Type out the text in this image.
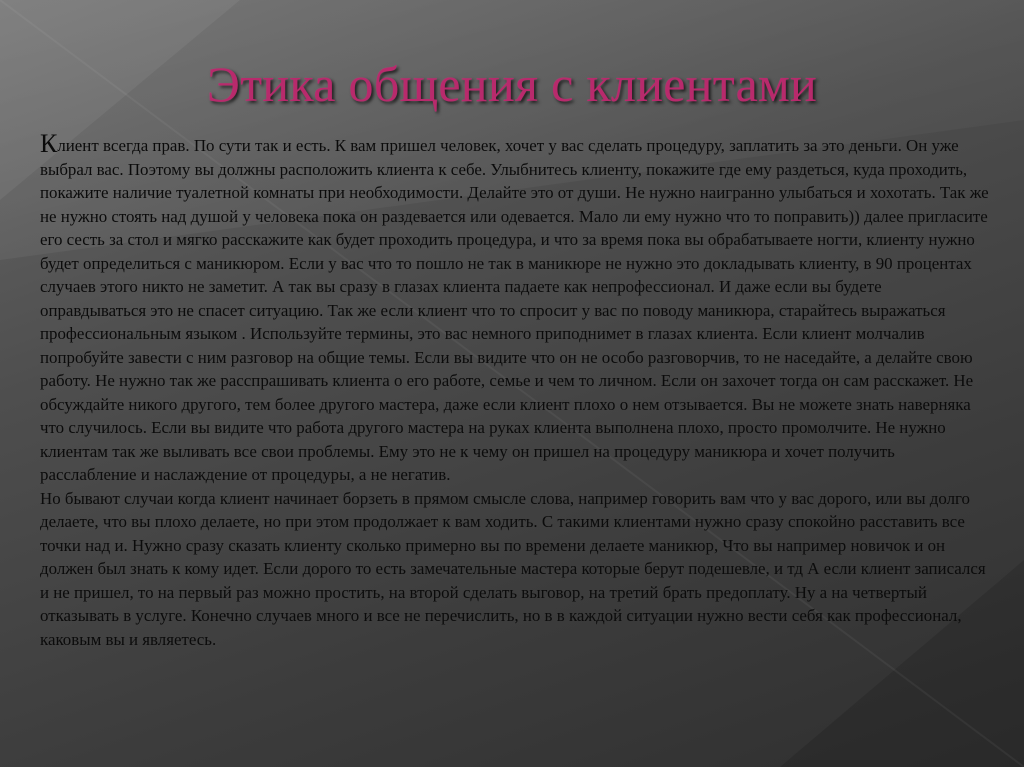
Этика общения с клиентами

Клиент всегда прав. По сути так и есть. К вам пришел человек, хочет у вас сделать процедуру, заплатить за это деньги. Он уже выбрал вас. Поэтому вы должны расположить клиента к себе. Улыбнитесь клиенту, покажите где ему раздеться, куда проходить, покажите наличие туалетной комнаты при необходимости. Делайте это от души. Не нужно наигранно улыбаться и хохотать. Так же не нужно стоять над душой у человека пока он раздевается или одевается. Мало ли ему нужно что то поправить)) далее пригласите его сесть за стол и мягко расскажите как будет проходить процедура, и что за время пока вы обрабатываете ногти, клиенту нужно будет определиться с маникюром. Если у вас что то пошло не так в маникюре не нужно это докладывать клиенту, в 90 процентах случаев этого никто не заметит. А так вы сразу в глазах клиента падаете как непрофессионал. И даже если вы будете оправдываться это не спасет ситуацию. Так же если клиент что то спросит у вас по поводу маникюра, старайтесь выражаться профессиональным языком . Используйте термины, это вас немного приподнимет в глазах клиента. Если клиент молчалив попробуйте завести с ним разговор на общие темы. Если вы видите что он не особо разговорчив, то не наседайте, а делайте свою работу. Не нужно так же расспрашивать клиента о его работе, семье и чем то личном. Если он захочет тогда он сам расскажет. Не обсуждайте никого другого, тем более другого мастера, даже если клиент плохо о нем отзывается. Вы не можете знать наверняка что случилось. Если вы видите что работа другого мастера на руках клиента выполнена плохо, просто промолчите. Не нужно клиентам так же выливать все свои проблемы. Ему это не к чему он пришел на процедуру маникюра и хочет получить расслабление и наслаждение от процедуры, а не негатив.

Но бывают случаи когда клиент начинает борзеть в прямом смысле слова, например говорить вам что у вас дорого, или вы долго делаете, что вы плохо делаете, но при этом продолжает к вам ходить. С такими клиентами нужно сразу спокойно расставить все точки над и. Нужно сразу сказать клиенту сколько примерно вы по времени делаете маникюр, Что вы например новичок и он должен был знать к кому идет. Если дорого то есть замечательные мастера которые берут подешевле, и тд А если клиент записался и не пришел, то на первый раз можно простить, на второй сделать выговор, на третий брать предоплату. Ну а на четвертый отказывать в услуге. Конечно случаев много и все не перечислить, но в в каждой ситуации нужно вести себя как профессионал, каковым вы и являетесь.
